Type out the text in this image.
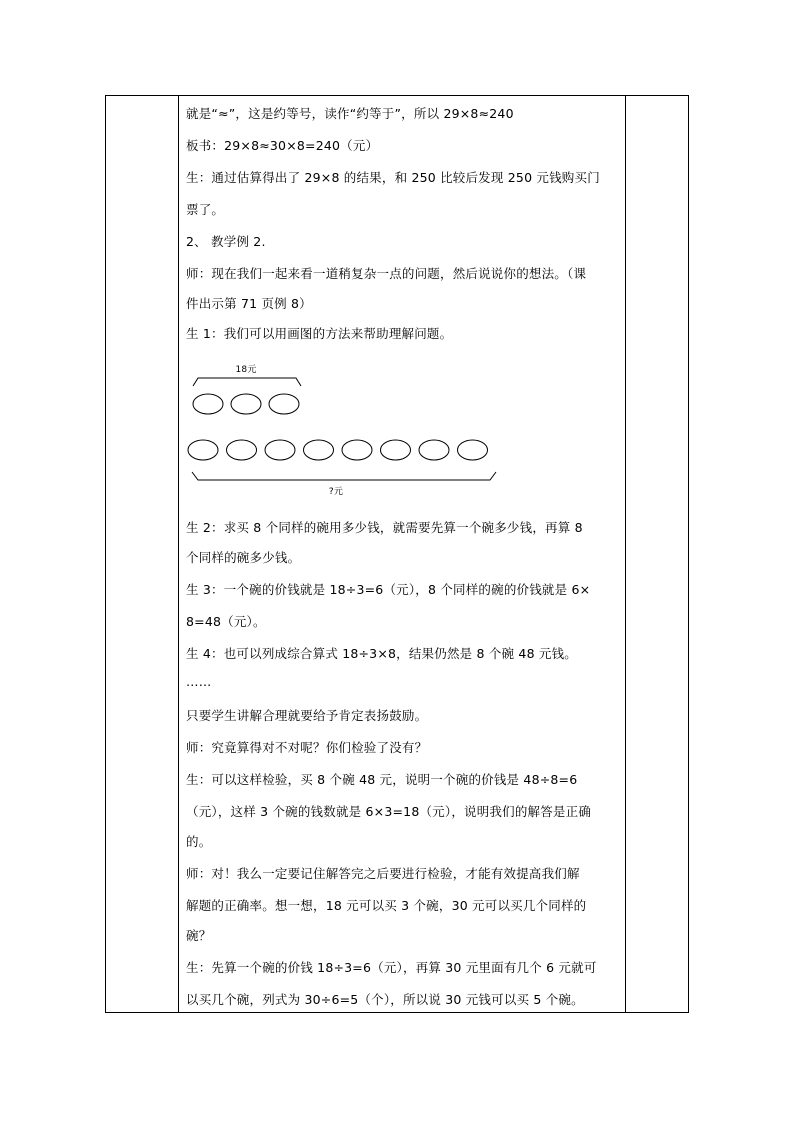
就是“≈”，这是约等号，读作“约等于”，所以 29×8≈240
板书：29×8≈30×8=240（元）
生：通过估算得出了 29×8 的结果，和 250 比较后发现 250 元钱购买门
票了。
2、 教学例 2.
师：现在我们一起来看一道稍复杂一点的问题，然后说说你的想法。（课
件出示第 71 页例 8）
生 1：我们可以用画图的方法来帮助理解问题。
18元
?元
生 2：求买 8 个同样的碗用多少钱，就需要先算一个碗多少钱，再算 8
个同样的碗多少钱。
生 3：一个碗的价钱就是 18÷3=6（元），8 个同样的碗的价钱就是 6×
8=48（元）。
生 4：也可以列成综合算式 18÷3×8，结果仍然是 8 个碗 48 元钱。
……
只要学生讲解合理就要给予肯定表扬鼓励。
师：究竟算得对不对呢？你们检验了没有？
生：可以这样检验，买 8 个碗 48 元，说明一个碗的价钱是 48÷8=6
（元），这样 3 个碗的钱数就是 6×3=18（元），说明我们的解答是正确
的。
师：对！我么一定要记住解答完之后要进行检验，才能有效提高我们解
解题的正确率。想一想，18 元可以买 3 个碗，30 元可以买几个同样的
碗？
生：先算一个碗的价钱 18÷3=6（元），再算 30 元里面有几个 6 元就可
以买几个碗，列式为 30÷6=5（个），所以说 30 元钱可以买 5 个碗。
